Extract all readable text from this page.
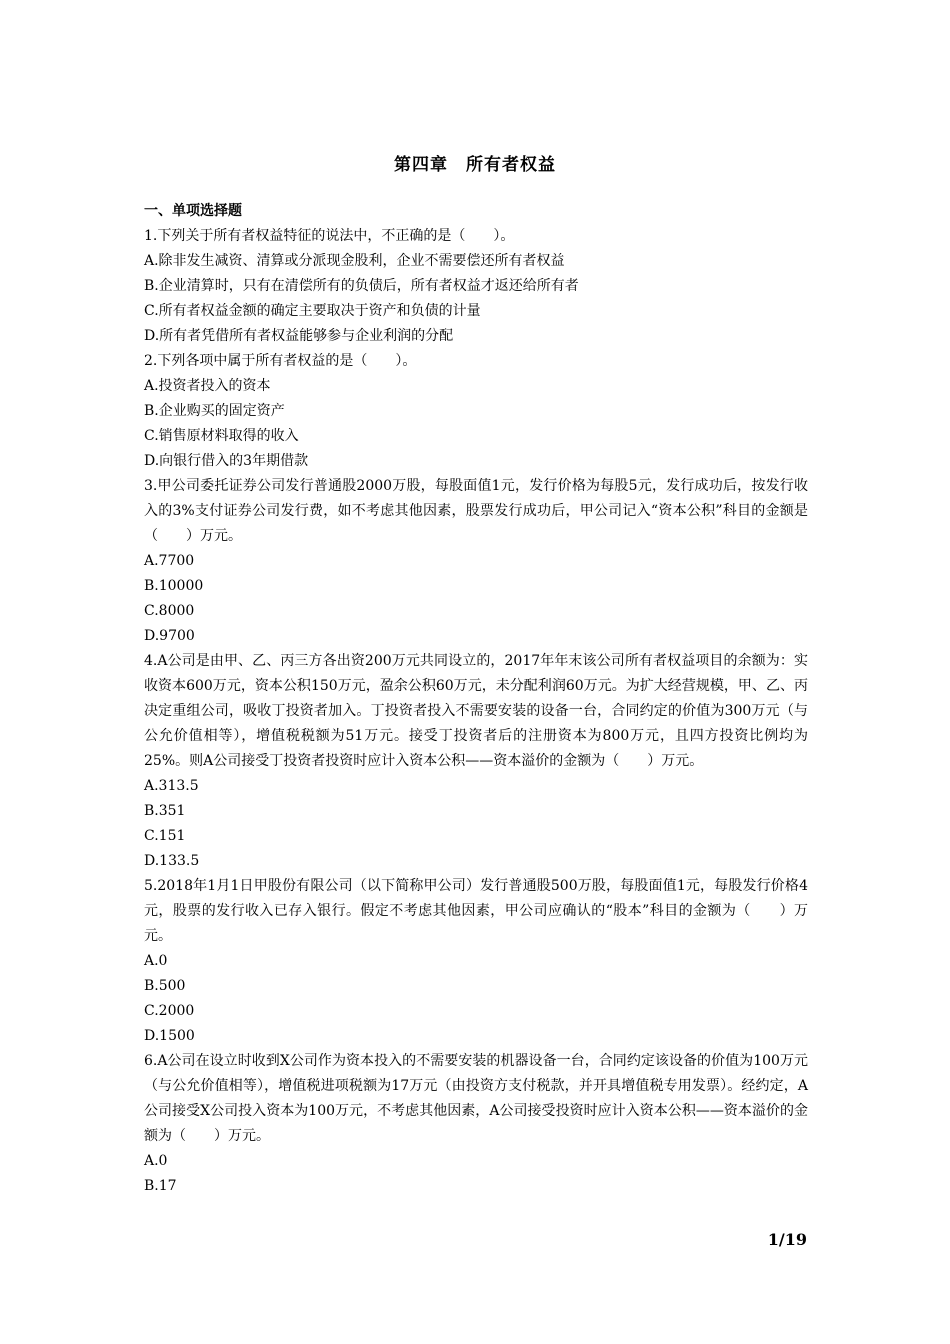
第四章　所有者权益
一、单项选择题
1.下列关于所有者权益特征的说法中，不正确的是（　　）。
A.除非发生减资、清算或分派现金股利，企业不需要偿还所有者权益
B.企业清算时，只有在清偿所有的负债后，所有者权益才返还给所有者
C.所有者权益金额的确定主要取决于资产和负债的计量
D.所有者凭借所有者权益能够参与企业利润的分配
2.下列各项中属于所有者权益的是（　　）。
A.投资者投入的资本
B.企业购买的固定资产
C.销售原材料取得的收入
D.向银行借入的3年期借款
3.甲公司委托证券公司发行普通股2000万股，每股面值1元，发行价格为每股5元，发行成功后，按发行收入的3%支付证券公司发行费，如不考虑其他因素，股票发行成功后，甲公司记入“资本公积”科目的金额是（　　）万元。
A.7700
B.10000
C.8000
D.9700
4.A公司是由甲、乙、丙三方各出资200万元共同设立的，2017年年末该公司所有者权益项目的余额为：实收资本600万元，资本公积150万元，盈余公积60万元，未分配利润60万元。为扩大经营规模，甲、乙、丙决定重组公司，吸收丁投资者加入。丁投资者投入不需要安装的设备一台，合同约定的价值为300万元（与公允价值相等），增值税税额为51万元。接受丁投资者后的注册资本为800万元，且四方投资比例均为25%。则A公司接受丁投资者投资时应计入资本公积——资本溢价的金额为（　　）万元。
A.313.5
B.351
C.151
D.133.5
5.2018年1月1日甲股份有限公司（以下简称甲公司）发行普通股500万股，每股面值1元，每股发行价格4元，股票的发行收入已存入银行。假定不考虑其他因素，甲公司应确认的“股本”科目的金额为（　　）万元。
A.0
B.500
C.2000
D.1500
6.A公司在设立时收到X公司作为资本投入的不需要安装的机器设备一台，合同约定该设备的价值为100万元（与公允价值相等），增值税进项税额为17万元（由投资方支付税款，并开具增值税专用发票）。经约定，A公司接受X公司投入资本为100万元，不考虑其他因素，A公司接受投资时应计入资本公积——资本溢价的金额为（　　）万元。
A.0
B.17
1/19
